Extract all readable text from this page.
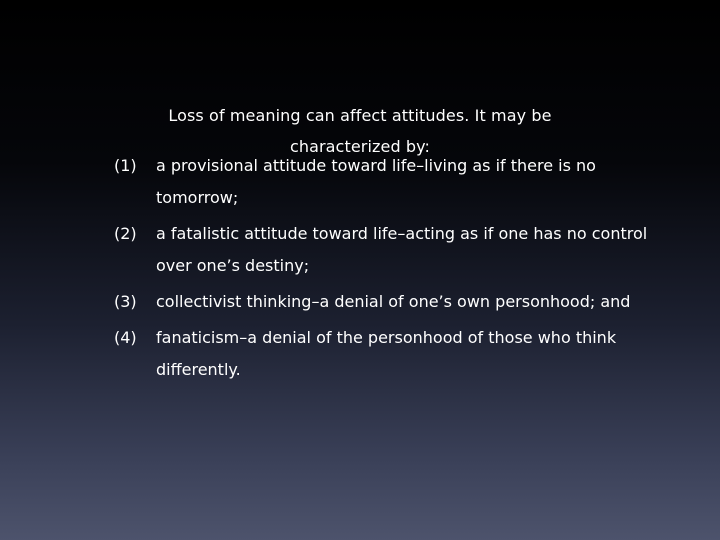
Loss of meaning can affect attitudes. It may be characterized by:

(1)	a provisional attitude toward life–living as if there is no tomorrow;
(2)	a fatalistic attitude toward life–acting as if one has no control over one’s destiny;
(3)	collectivist thinking–a denial of one’s own personhood; and
(4)	fanaticism–a denial of the personhood of those who think differently.
